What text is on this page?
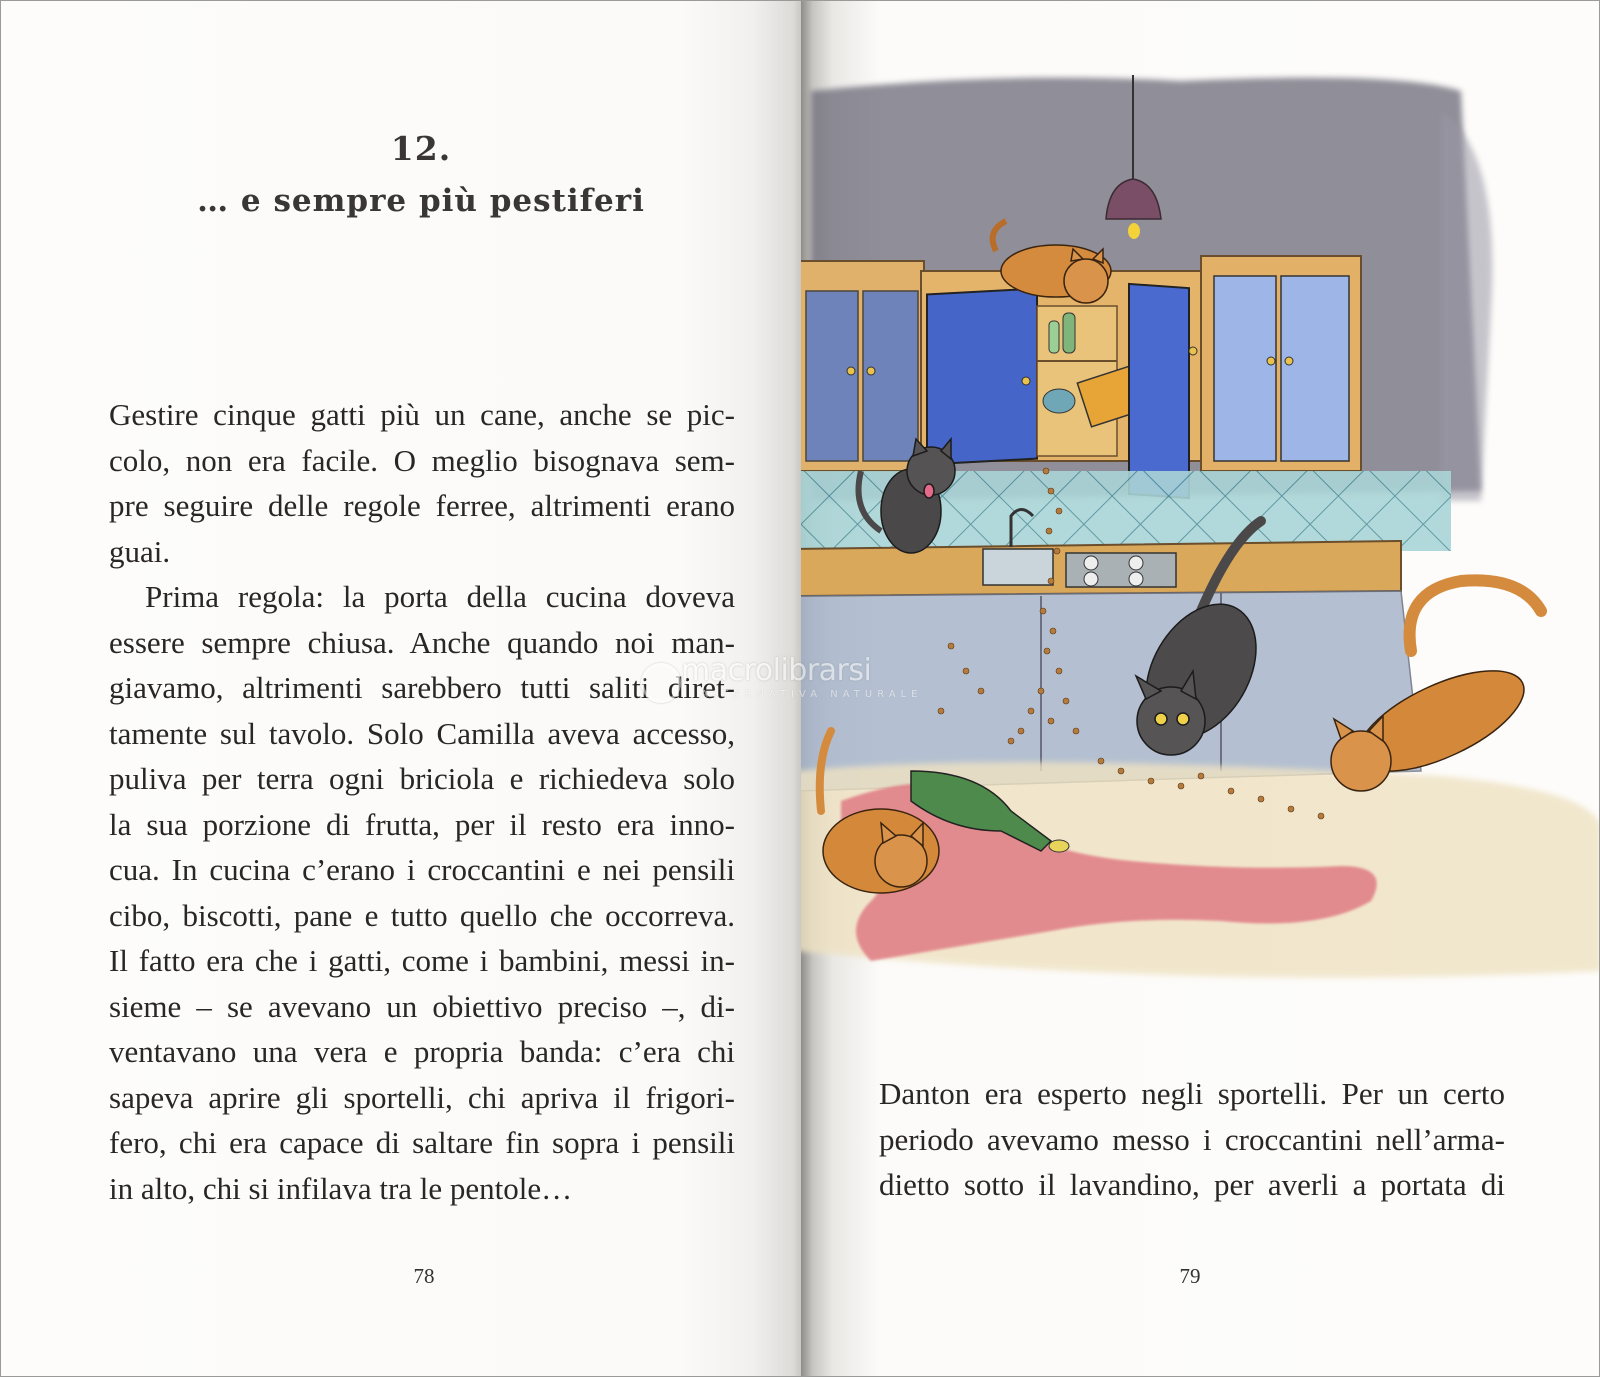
12.
… e sempre più pestiferi
Gestire cinque gatti più un cane, anche se pic-
colo, non era facile. O meglio bisognava sem-
pre seguire delle regole ferree, altrimenti erano
guai.
Prima regola: la porta della cucina doveva
essere sempre chiusa. Anche quando noi man-
giavamo, altrimenti sarebbero tutti saliti diret-
tamente sul tavolo. Solo Camilla aveva accesso,
puliva per terra ogni briciola e richiedeva solo
la sua porzione di frutta, per il resto era inno-
cua. In cucina c’erano i croccantini e nei pensili
cibo, biscotti, pane e tutto quello che occorreva.
Il fatto era che i gatti, come i bambini, messi in-
sieme – se avevano un obiettivo preciso –, di-
ventavano una vera e propria banda: c’era chi
sapeva aprire gli sportelli, chi apriva il frigori-
fero, chi era capace di saltare fin sopra i pensili
in alto, chi si infilava tra le pentole…
78	79
macrolibrarsi
ALTERNATIVA NATURALE
Danton era esperto negli sportelli. Per un certo
periodo avevamo messo i croccantini nell’arma-
dietto sotto il lavandino, per averli a portata di
